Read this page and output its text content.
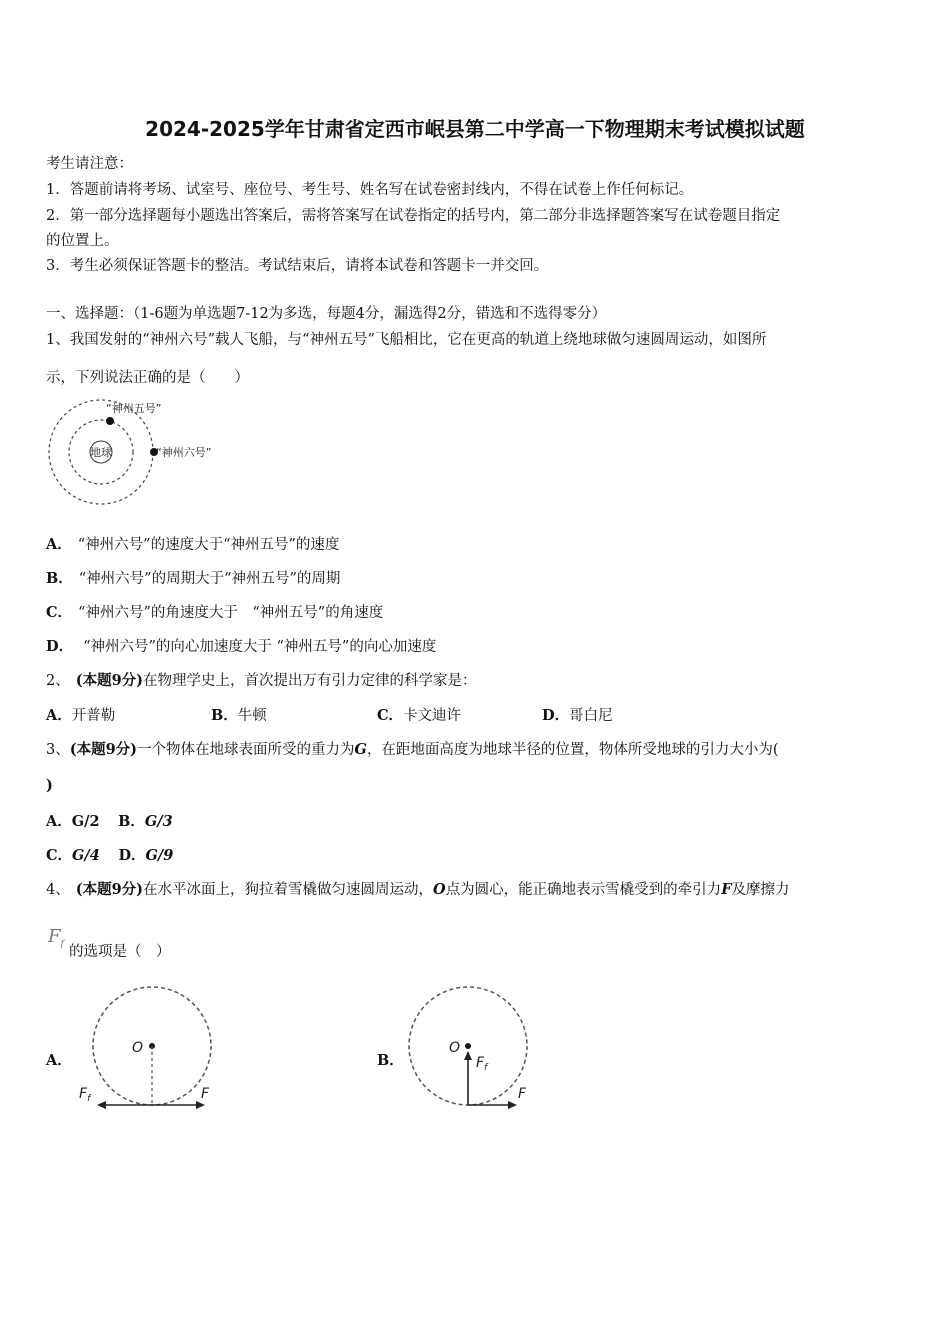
2024-2025学年甘肃省定西市岷县第二中学高一下物理期末考试模拟试题
考生请注意：
1．答题前请将考场、试室号、座位号、考生号、姓名写在试卷密封线内，不得在试卷上作任何标记。
2．第一部分选择题每小题选出答案后，需将答案写在试卷指定的括号内，第二部分非选择题答案写在试卷题目指定
的位置上。
3．考生必须保证答题卡的整洁。考试结束后，请将本试卷和答题卡一并交回。
一、选择题：（1-6题为单选题7-12为多选，每题4分，漏选得2分，错选和不选得零分）
1、我国发射的“神州六号”载人飞船，与“神州五号”飞船相比，它在更高的轨道上绕地球做匀速圆周运动，如图所
示，下列说法正确的是（　　）
地球
“神州五号”
“神州六号”
A． “神州六号”的速度大于“神州五号”的速度
B． “神州六号”的周期大于“神州五号”的周期
C． “神州六号”的角速度大于　“神州五号”的角速度
D． “神州六号”的向心加速度大于 “神州五号”的向心加速度
2、 (本题9分)在物理学史上，首次提出万有引力定律的科学家是：
A．开普勒	B．牛顿	C．卡文迪许	D．哥白尼
3、(本题9分)一个物体在地球表面所受的重力为G，在距地面高度为地球半径的位置，物体所受地球的引力大小为(
)
A．G/2 B．G/3
C．G/4 D．G/9
4、 (本题9分)在水平冰面上，狗拉着雪橇做匀速圆周运动，O点为圆心，能正确地表示雪橇受到的牵引力F及摩擦力
$F_f$ 的选项是（　）
A．
O
$F_f$	F
B．
O
$F_f$
F
